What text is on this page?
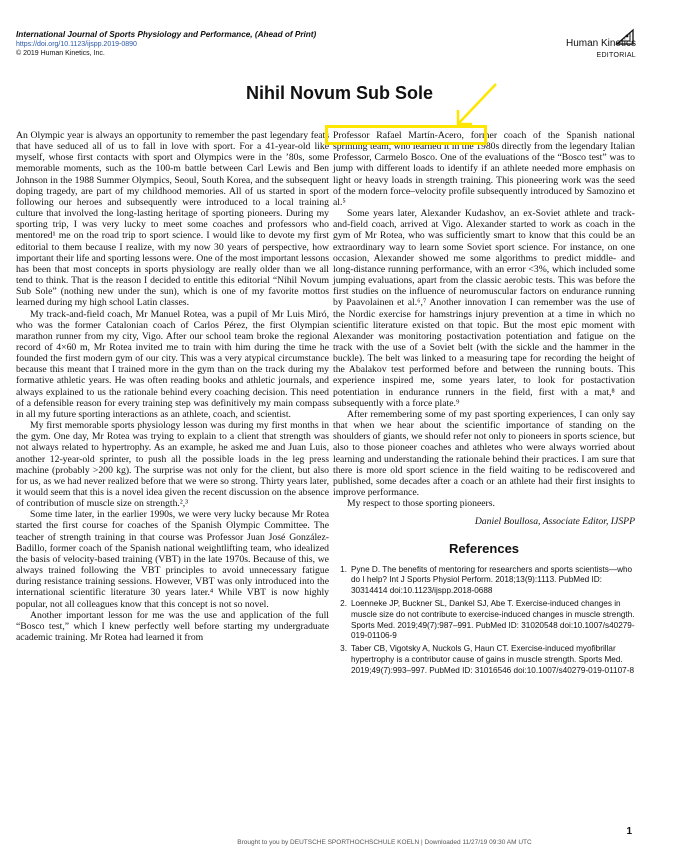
International Journal of Sports Physiology and Performance, (Ahead of Print)
https://doi.org/10.1123/ijspp.2019-0890
© 2019 Human Kinetics, Inc.
Human Kinetics
EDITORIAL
Nihil Novum Sub Sole

An Olympic year is always an opportunity to remember the past legendary feats that have seduced all of us to fall in love with sport. For a 41-year-old like myself, whose first contacts with sport and Olympics were in the ’80s, some memorable moments, such as the 100-m battle between Carl Lewis and Ben Johnson in the 1988 Summer Olympics, Seoul, South Korea, and the subsequent doping tragedy, are part of my childhood memories. All of us started in sport following our heroes and subsequently were introduced to a local training culture that involved the long-lasting heritage of sporting pioneers. During my sporting trip, I was very lucky to meet some coaches and professors who mentored¹ me on the road trip to sport science. I would like to devote my first editorial to them because I realize, with my now 30 years of perspective, how important their life and sporting lessons were. One of the most important lessons has been that most concepts in sports physiology are really older than we all tend to think. That is the reason I decided to entitle this editorial “Nihil Novum Sub Sole” (nothing new under the sun), which is one of my favorite mottos learned during my high school Latin classes.

My track-and-field coach, Mr Manuel Rotea, was a pupil of Mr Luis Miró, who was the former Catalonian coach of Carlos Pérez, the first Olympian marathon runner from my city, Vigo. After our school team broke the regional record of 4×60 m, Mr Rotea invited me to train with him during the time he founded the first modern gym of our city. This was a very atypical circumstance because this meant that I trained more in the gym than on the track during my formative athletic years. He was often reading books and athletic journals, and always explained to us the rationale behind every coaching decision. This need of a defensible reason for every training step was definitively my main compass in all my future sporting interactions as an athlete, coach, and scientist.

My first memorable sports physiology lesson was during my first months in the gym. One day, Mr Rotea was trying to explain to a client that strength was not always related to hypertrophy. As an example, he asked me and Juan Luis, another 12-year-old sprinter, to push all the possible loads in the leg press machine (probably >200 kg). The surprise was not only for the client, but also for us, as we had never realized before that we were so strong. Thirty years later, it would seem that this is a novel idea given the recent discussion on the absence of contribution of muscle size on strength.²,³

Some time later, in the earlier 1990s, we were very lucky because Mr Rotea started the first course for coaches of the Spanish Olympic Committee. The teacher of strength training in that course was Professor Juan José González-Badillo, former coach of the Spanish national weightlifting team, who idealized the basis of velocity-based training (VBT) in the late 1970s. Because of this, we always trained following the VBT principles to avoid unnecessary fatigue during resistance training sessions. However, VBT was only introduced into the international scientific literature 30 years later.⁴ While VBT is now highly popular, not all colleagues know that this concept is not so novel.

Another important lesson for me was the use and application of the full “Bosco test,” which I knew perfectly well before starting my undergraduate academic training. Mr Rotea had learned it from

Professor Rafael Martín-Acero, former coach of the Spanish national sprinting team, who learned it in the 1980s directly from the legendary Italian Professor, Carmelo Bosco. One of the evaluations of the “Bosco test” was to jump with different loads to identify if an athlete needed more emphasis on light or heavy loads in strength training. This pioneering work was the seed of the modern force–velocity profile subsequently introduced by Samozino et al.⁵

Some years later, Alexander Kudashov, an ex-Soviet athlete and track-and-field coach, arrived at Vigo. Alexander started to work as coach in the gym of Mr Rotea, who was sufficiently smart to know that this could be an extraordinary way to learn some Soviet sport science. For instance, on one occasion, Alexander showed me some algorithms to predict middle- and long-distance running performance, with an error <3%, which included some jumping evaluations, apart from the classic aerobic tests. This was before the first studies on the influence of neuromuscular factors on endurance running by Paavolainen et al.⁶,⁷ Another innovation I can remember was the use of the Nordic exercise for hamstrings injury prevention at a time in which no scientific literature existed on that topic. But the most epic moment with Alexander was monitoring postactivation potentiation and fatigue on the track with the use of a Soviet belt (with the sickle and the hammer in the buckle). The belt was linked to a measuring tape for recording the height of the Abalakov test performed before and between the running bouts. This experience inspired me, some years later, to look for postactivation potentiation in endurance runners in the field, first with a mat,⁸ and subsequently with a force plate.⁹

After remembering some of my past sporting experiences, I can only say that when we hear about the scientific importance of standing on the shoulders of giants, we should refer not only to pioneers in sports science, but also to those pioneer coaches and athletes who were always worried about learning and understanding the rationale behind their practices. I am sure that there is more old sport science in the field waiting to be rediscovered and published, some decades after a coach or an athlete had their first insights to improve performance.

My respect to those sporting pioneers.

Daniel Boullosa, Associate Editor, IJSPP

References
1. Pyne D. The benefits of mentoring for researchers and sports scientists—who do I help? Int J Sports Physiol Perform. 2018;13(9):1113. PubMed ID: 30314414 doi:10.1123/ijspp.2018-0688
2. Loenneke JP, Buckner SL, Dankel SJ, Abe T. Exercise-induced changes in muscle size do not contribute to exercise-induced changes in muscle strength. Sports Med. 2019;49(7):987–991. PubMed ID: 31020548 doi:10.1007/s40279-019-01106-9
3. Taber CB, Vigotsky A, Nuckols G, Haun CT. Exercise-induced myofibrillar hypertrophy is a contributor cause of gains in muscle strength. Sports Med. 2019;49(7):993–997. PubMed ID: 31016546 doi:10.1007/s40279-019-01107-8
1
Brought to you by DEUTSCHE SPORTHOCHSCHULE KOELN | Downloaded 11/27/19 09:30 AM UTC
